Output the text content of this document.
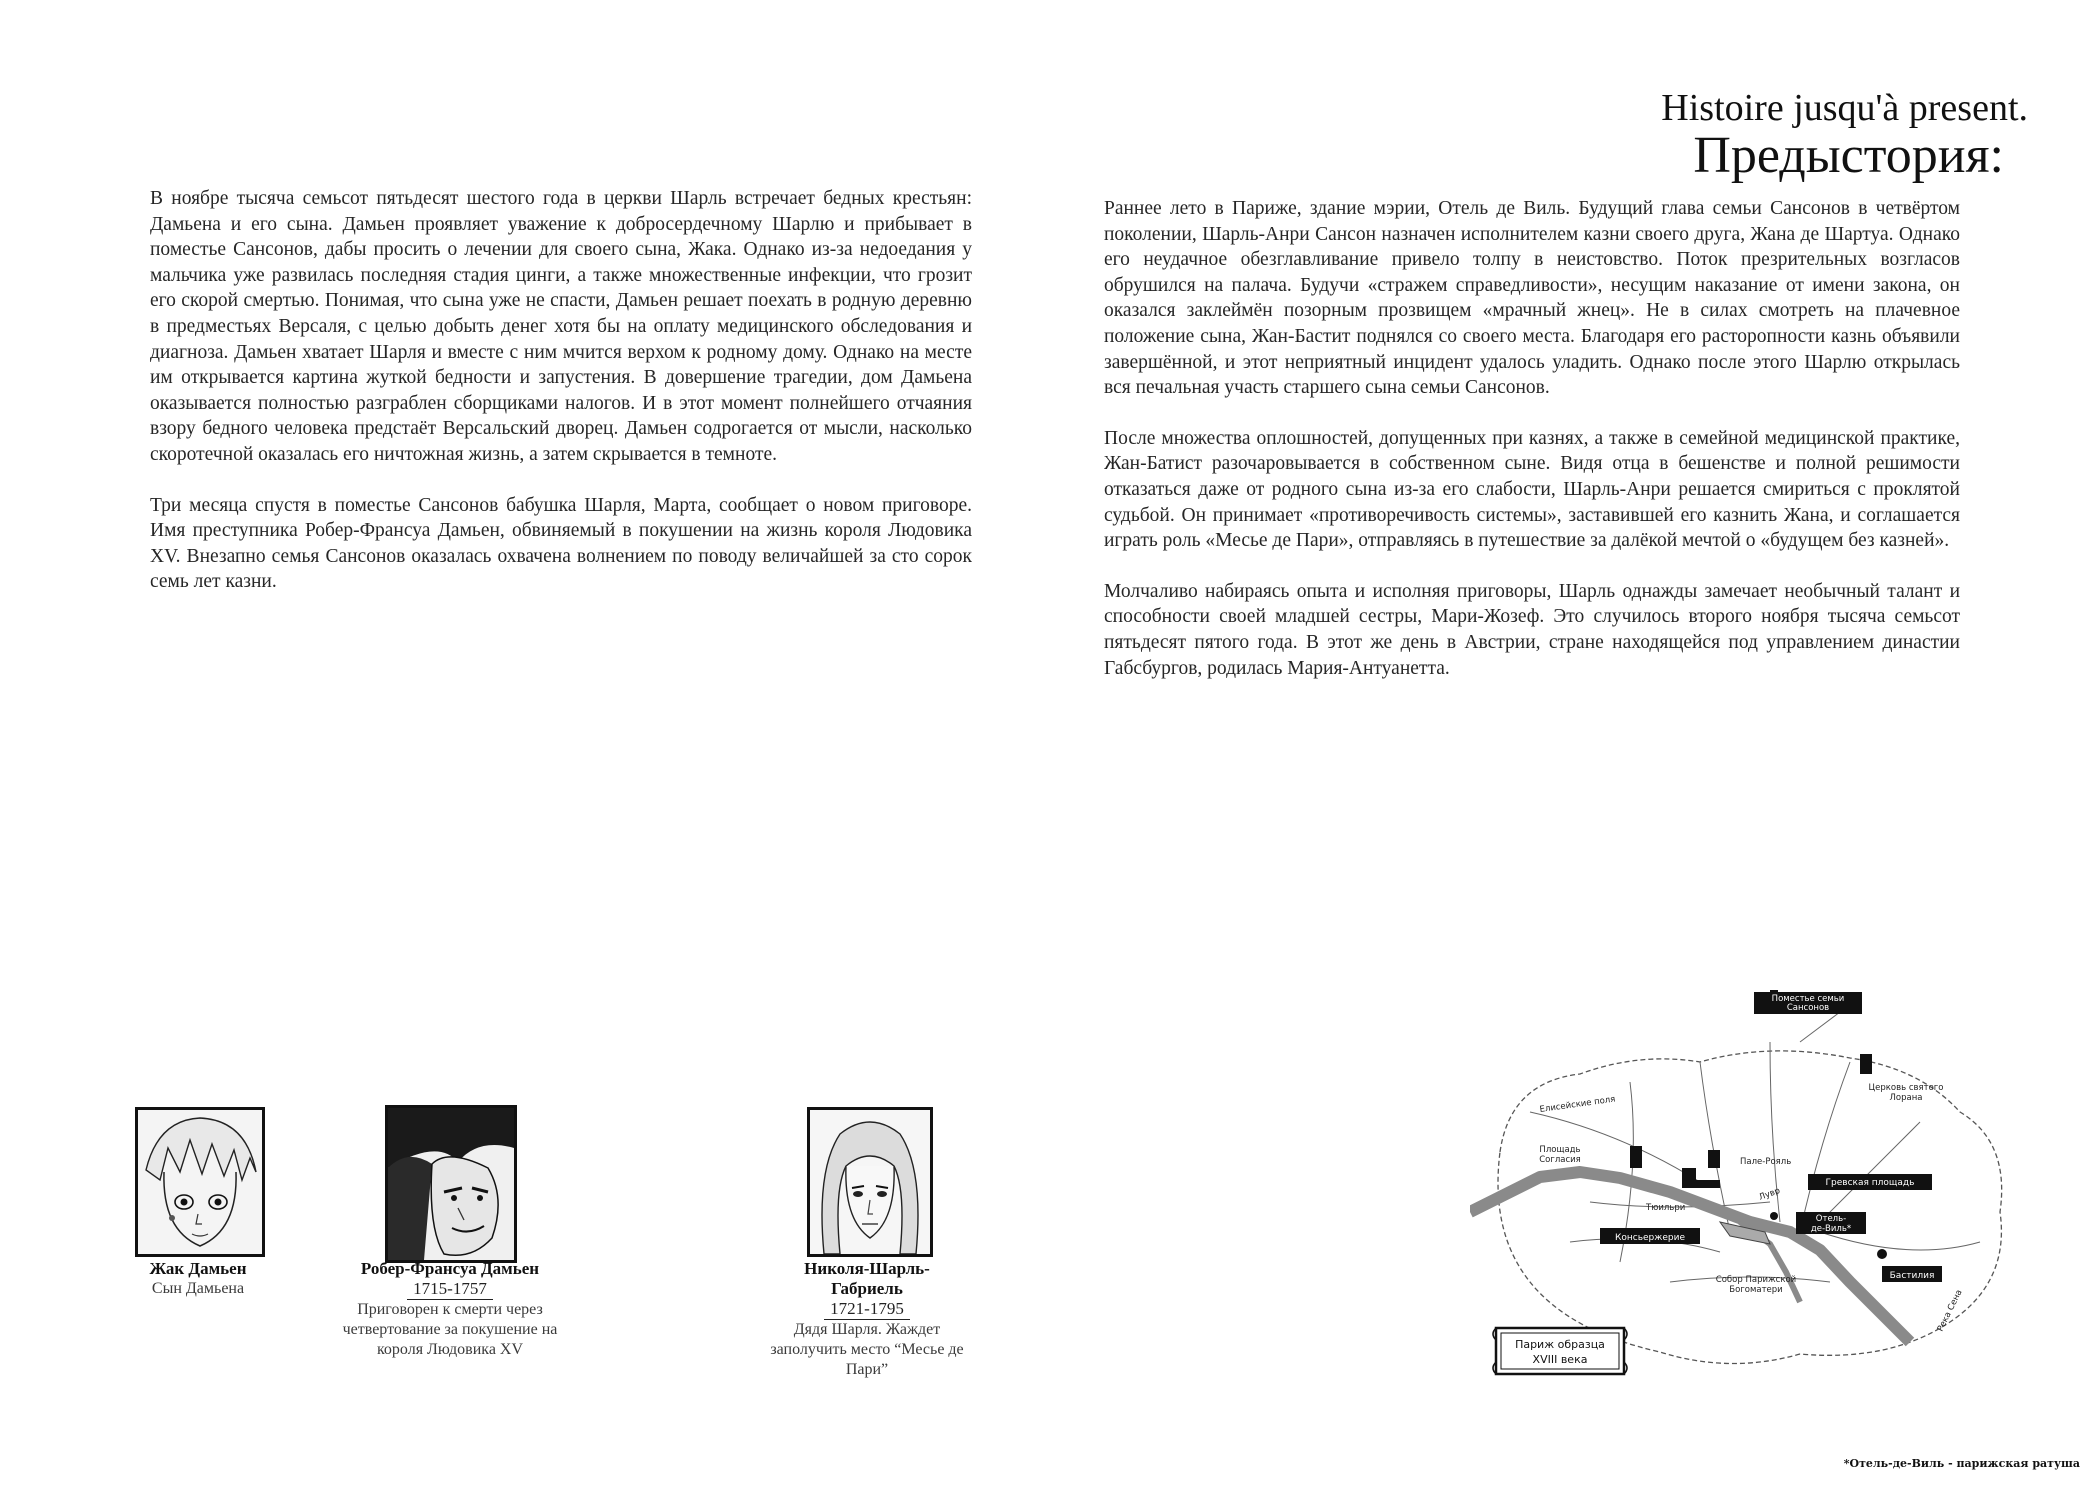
Histoire jusqu'à present.
Предыстория:

В ноябре тысяча семьсот пятьдесят шестого года в церкви Шарль встречает бедных крестьян: Дамьена и его сына. Дамьен проявляет уважение к добросердечному Шарлю и прибывает в поместье Сансонов, дабы просить о лечении для своего сына, Жака. Однако из-за недоедания у мальчика уже развилась последняя стадия цинги, а также множественные инфекции, что грозит его скорой смертью. Понимая, что сына уже не спасти, Дамьен решает поехать в родную деревню в предместьях Версаля, с целью добыть денег хотя бы на оплату медицинского обследования и диагноза. Дамьен хватает Шарля и вместе с ним мчится верхом к родному дому. Однако на месте им открывается картина жуткой бедности и запустения. В довершение трагедии, дом Дамьена оказывается полностью разграблен сборщиками налогов. И в этот момент полнейшего отчаяния взору бедного человека предстаёт Версальский дворец. Дамьен содрогается от мысли, насколько скоротечной оказалась его ничтожная жизнь, а затем скрывается в темноте.

Три месяца спустя в поместье Сансонов бабушка Шарля, Марта, сообщает о новом приговоре. Имя преступника Робер-Франсуа Дамьен, обвиняемый в покушении на жизнь короля Людовика XV. Внезапно семья Сансонов оказалась охвачена волнением по поводу величайшей за сто сорок семь лет казни.

Раннее лето в Париже, здание мэрии, Отель де Виль. Будущий глава семьи Сансонов в четвёртом поколении, Шарль-Анри Сансон назначен исполнителем казни своего друга, Жана де Шартуа. Однако его неудачное обезглавливание привело толпу в неистовство. Поток презрительных возгласов обрушился на палача. Будучи «стражем справедливости», несущим наказание от имени закона, он оказался заклеймён позорным прозвищем «мрачный жнец». Не в силах смотреть на плачевное положение сына, Жан-Бастит поднялся со своего места. Благодаря его расторопности казнь объявили завершённой, и этот неприятный инцидент удалось уладить. Однако после этого Шарлю открылась вся печальная участь старшего сына семьи Сансонов.

После множества оплошностей, допущенных при казнях, а также в семейной медицинской практике, Жан-Батист разочаровывается в собственном сыне. Видя отца в бешенстве и полной решимости отказаться даже от родного сына из-за его слабости, Шарль-Анри решается смириться с проклятой судьбой. Он принимает «противоречивость системы», заставившей его казнить Жана, и соглашается играть роль «Месье де Пари», отправляясь в путешествие за далёкой мечтой о «будущем без казней».

Молчаливо набираясь опыта и исполняя приговоры, Шарль однажды замечает необычный талант и способности своей младшей сестры, Мари-Жозеф. Это случилось второго ноября тысяча семьсот пятьдесят пятого года. В этот же день в Австрии, стране находящейся под управлением династии Габсбургов, родилась Мария-Антуанетта.

Жак Дамьен
Сын Дамьена
Робер-Франсуа Дамьен
1715-1757
Приговорен к смерти через четвертование за покушение на короля Людовика XV
Николя-Шарль-Габриель
1721-1795
Дядя Шарля. Жаждет заполучить место “Месье де Пари”
Поместье семьи
Сансонов
Гревская площадь
Отель-
де-Виль*
Консьержерие
Бастилия
Церковь святого
Лорана
Елисейские поля
Площадь
Согласия	Пале-Рояль
Тюильри
Лувр
Собор Парижской
Богоматери	Река Сена
Париж образца
XVIII века
*Отель-де-Виль - парижская ратуша
